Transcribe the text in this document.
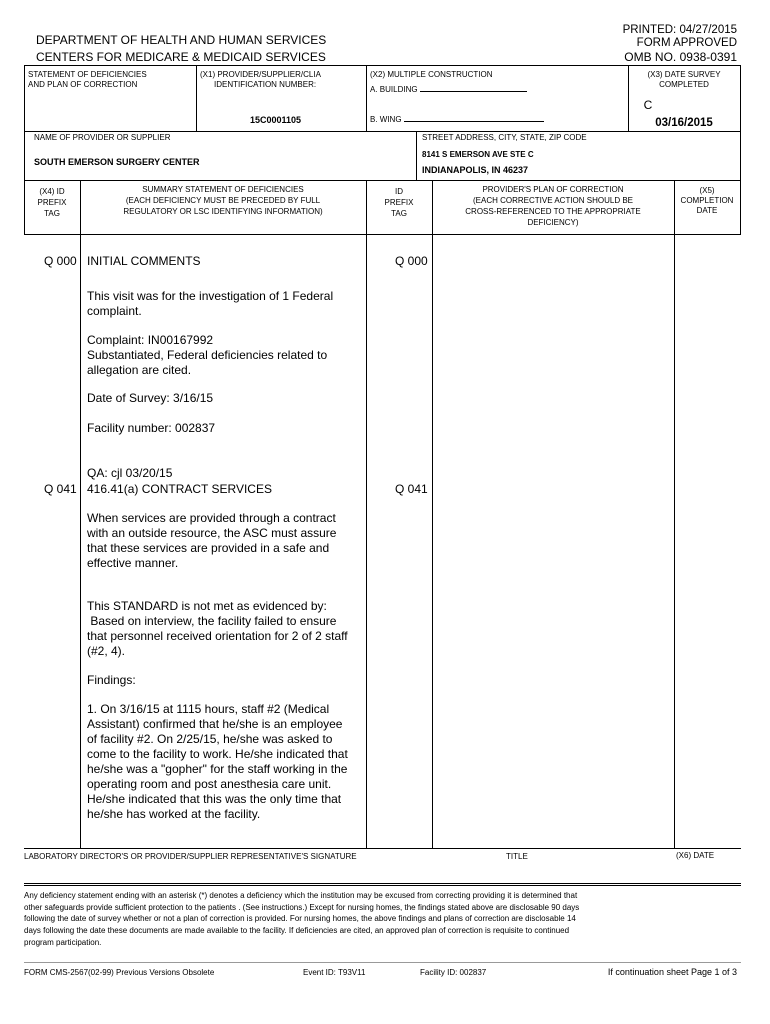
PRINTED: 04/27/2015
FORM APPROVED
OMB NO. 0938-0391
DEPARTMENT OF HEALTH AND HUMAN SERVICES
CENTERS FOR MEDICARE & MEDICAID SERVICES
STATEMENT OF DEFICIENCIES
AND PLAN OF CORRECTION
(X1) PROVIDER/SUPPLIER/CLIA
IDENTIFICATION NUMBER:
15C0001105
(X2) MULTIPLE CONSTRUCTION
A. BUILDING
B. WING
(X3) DATE SURVEY
COMPLETED
C
03/16/2015
NAME OF PROVIDER OR SUPPLIER
SOUTH EMERSON SURGERY CENTER
STREET ADDRESS, CITY, STATE, ZIP CODE
8141 S EMERSON AVE STE C
INDIANAPOLIS, IN 46237
(X4) ID
PREFIX
TAG
SUMMARY STATEMENT OF DEFICIENCIES
(EACH DEFICIENCY MUST BE PRECEDED BY FULL
REGULATORY OR LSC IDENTIFYING INFORMATION)
ID
PREFIX
TAG
PROVIDER'S PLAN OF CORRECTION
(EACH CORRECTIVE ACTION SHOULD BE
CROSS-REFERENCED TO THE APPROPRIATE
DEFICIENCY)
(X5)
COMPLETION
DATE
Q 000 INITIAL COMMENTS	Q 000
This visit was for the investigation of 1 Federal
complaint.
Complaint: IN00167992
Substantiated, Federal deficiencies related to
allegation are cited.
Date of Survey: 3/16/15
Facility number: 002837
QA: cjl 03/20/15
Q 041 416.41(a) CONTRACT SERVICES	Q 041
When services are provided through a contract
with an outside resource, the ASC must assure
that these services are provided in a safe and
effective manner.
This STANDARD is not met as evidenced by:
Based on interview, the facility failed to ensure
that personnel received orientation for 2 of 2 staff
(#2, 4).
Findings:
1. On 3/16/15 at 1115 hours, staff #2 (Medical
Assistant) confirmed that he/she is an employee
of facility #2. On 2/25/15, he/she was asked to
come to the facility to work. He/she indicated that
he/she was a "gopher" for the staff working in the
operating room and post anesthesia care unit.
He/she indicated that this was the only time that
he/she has worked at the facility.
LABORATORY DIRECTOR'S OR PROVIDER/SUPPLIER REPRESENTATIVE'S SIGNATURE	TITLE	(X6) DATE
Any deficiency statement ending with an asterisk (*) denotes a deficiency which the institution may be excused from correcting providing it is determined that
other safeguards provide sufficient protection to the patients . (See instructions.) Except for nursing homes, the findings stated above are disclosable 90 days
following the date of survey whether or not a plan of correction is provided. For nursing homes, the above findings and plans of correction are disclosable 14
days following the date these documents are made available to the facility. If deficiencies are cited, an approved plan of correction is requisite to continued
program participation.
FORM CMS-2567(02-99) Previous Versions Obsolete	Event ID: T93V11	Facility ID: 002837	If continuation sheet Page 1 of 3
